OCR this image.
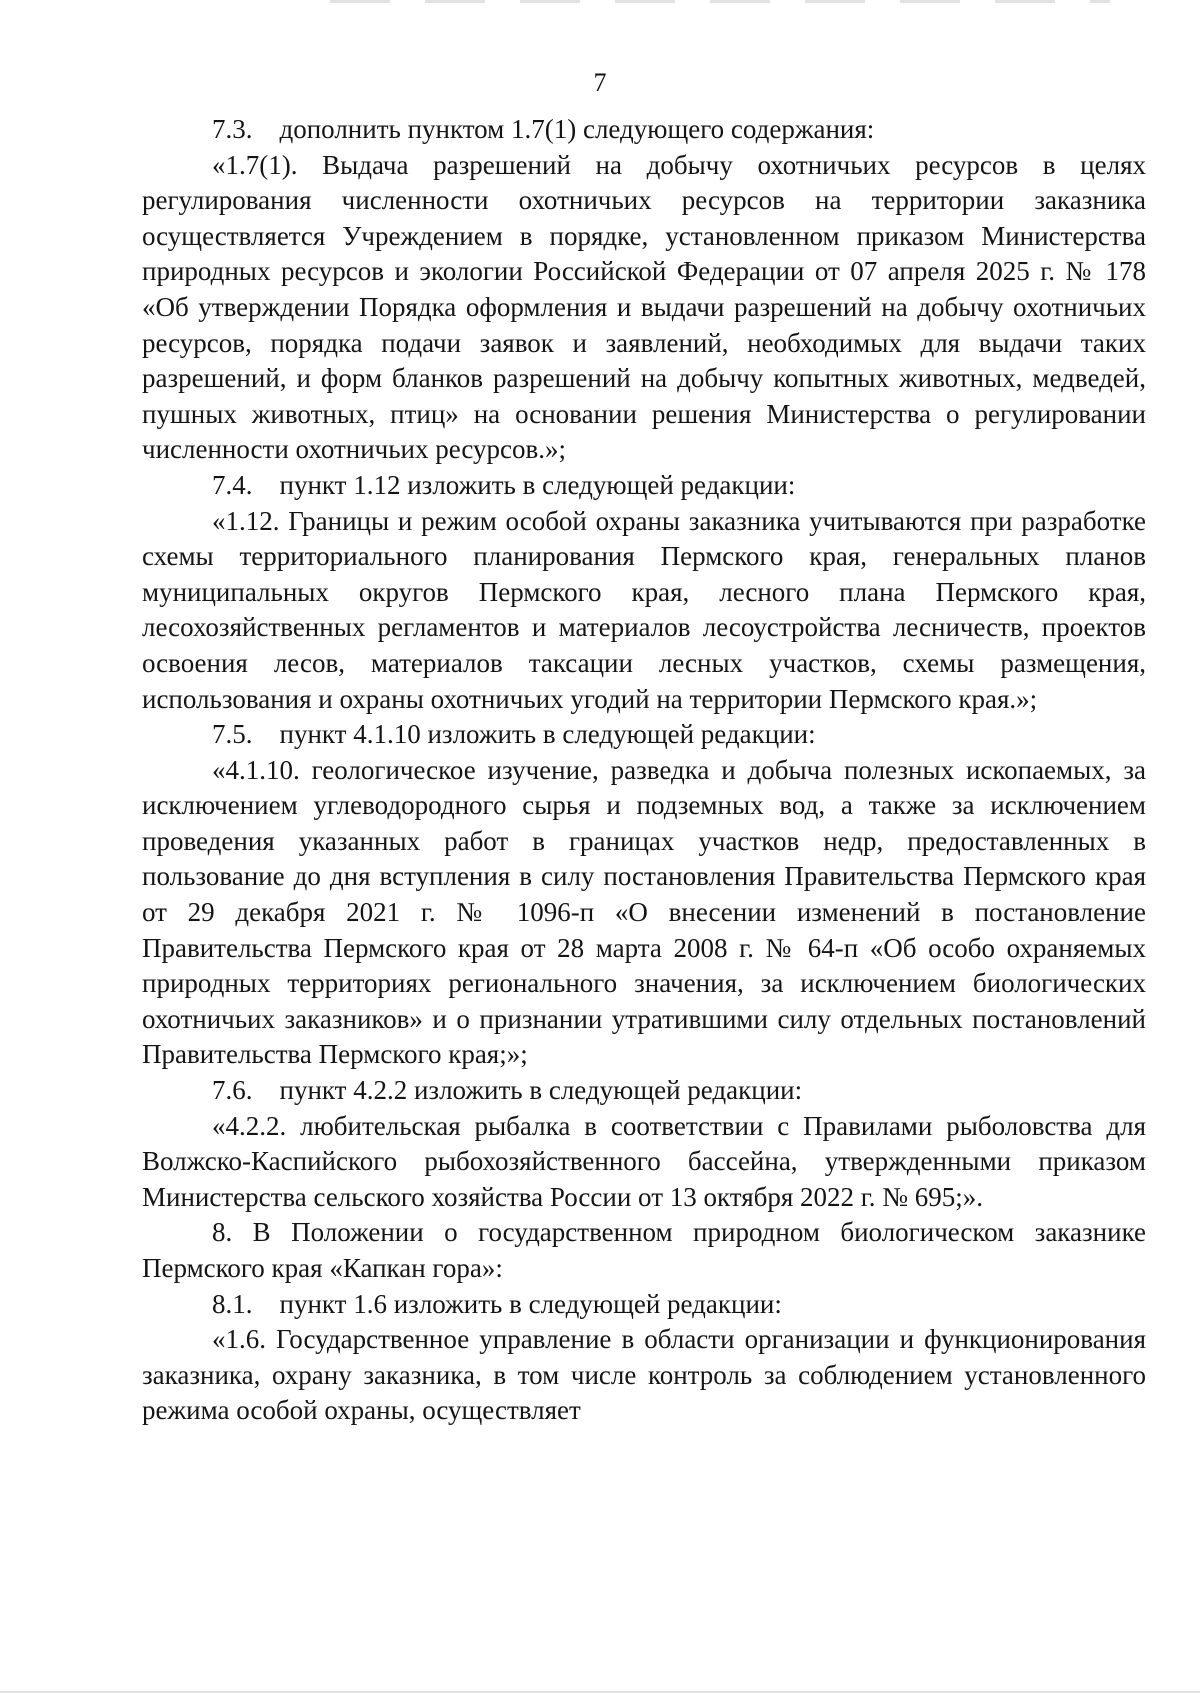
7

7.3. дополнить пунктом 1.7(1) следующего содержания:

«1.7(1). Выдача разрешений на добычу охотничьих ресурсов в целях регулирования численности охотничьих ресурсов на территории заказника осуществляется Учреждением в порядке, установленном приказом Министерства природных ресурсов и экологии Российской Федерации от 07 апреля 2025 г. № 178 «Об утверждении Порядка оформления и выдачи разрешений на добычу охотничьих ресурсов, порядка подачи заявок и заявлений, необходимых для выдачи таких разрешений, и форм бланков разрешений на добычу копытных животных, медведей, пушных животных, птиц» на основании решения Министерства о регулировании численности охотничьих ресурсов.»;

7.4. пункт 1.12 изложить в следующей редакции:

«1.12. Границы и режим особой охраны заказника учитываются при разработке схемы территориального планирования Пермского края, генеральных планов муниципальных округов Пермского края, лесного плана Пермского края, лесохозяйственных регламентов и материалов лесоустройства лесничеств, проектов освоения лесов, материалов таксации лесных участков, схемы размещения, использования и охраны охотничьих угодий на территории Пермского края.»;

7.5. пункт 4.1.10 изложить в следующей редакции:

«4.1.10. геологическое изучение, разведка и добыча полезных ископаемых, за исключением углеводородного сырья и подземных вод, а также за исключением проведения указанных работ в границах участков недр, предоставленных в пользование до дня вступления в силу постановления Правительства Пермского края от 29 декабря 2021 г. № 1096-п «О внесении изменений в постановление Правительства Пермского края от 28 марта 2008 г. № 64-п «Об особо охраняемых природных территориях регионального значения, за исключением биологических охотничьих заказников» и о признании утратившими силу отдельных постановлений Правительства Пермского края;»;

7.6. пункт 4.2.2 изложить в следующей редакции:

«4.2.2. любительская рыбалка в соответствии с Правилами рыболовства для Волжско-Каспийского рыбохозяйственного бассейна, утвержденными приказом Министерства сельского хозяйства России от 13 октября 2022 г. № 695;».

8. В Положении о государственном природном биологическом заказнике Пермского края «Капкан гора»:

8.1. пункт 1.6 изложить в следующей редакции:

«1.6. Государственное управление в области организации и функционирования заказника, охрану заказника, в том числе контроль за соблюдением установленного режима особой охраны, осуществляет
